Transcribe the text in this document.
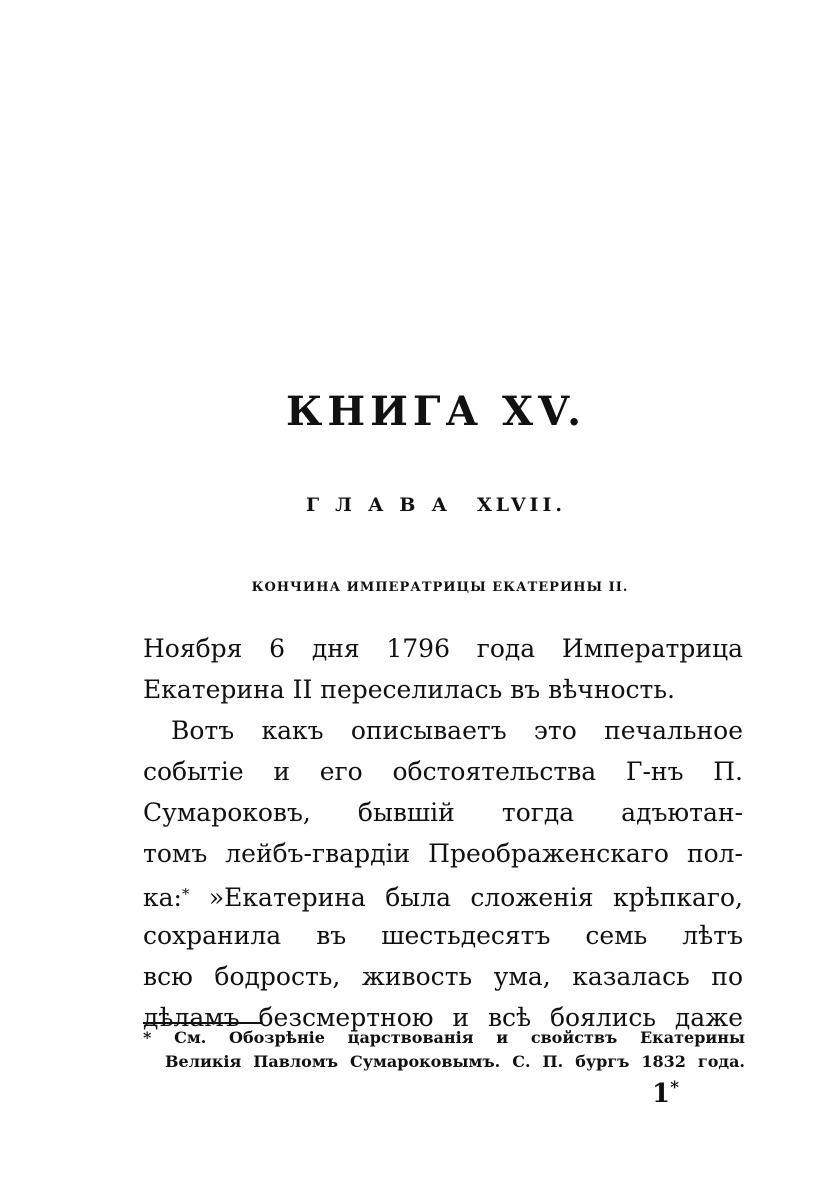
КНИГА XV.
ГЛАВА XLVII.
КОНЧИНА ИМПЕРАТРИЦЫ ЕКАТЕРИНЫ II.
Ноября 6 дня 1796 года Императрица
Екатерина II переселилась въ вѣчность.
Вотъ какъ описываетъ это печальное
событіе и его обстоятельства Г-нъ П.
Сумароковъ, бывшій тогда адъютан-
томъ лейбъ-гвардіи Преображенскаго пол-
ка:* »Екатерина была сложенія крѣпкаго,
сохранила въ шестьдесятъ семь лѣтъ
всю бодрость, живость ума, казалась по
дѣламъ безсмертною и всѣ боялись даже
* См. Обозрѣніе царствованія и свойствъ Екатерины
Великія Павломъ Сумароковымъ. С. П. бургъ 1832 года.
1*
